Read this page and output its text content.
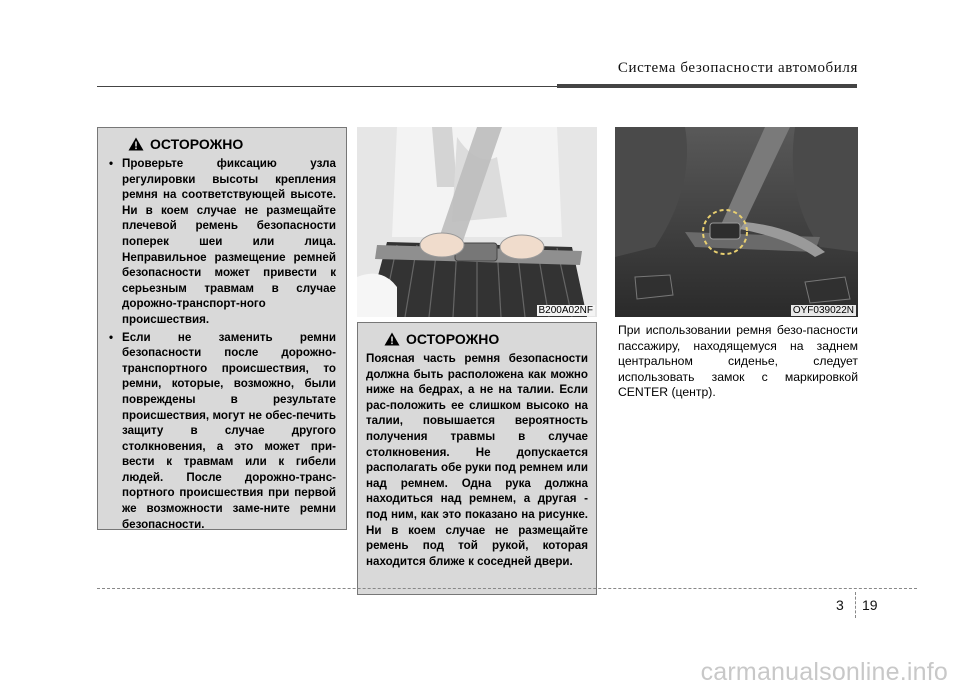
Система безопасности автомобиля
ОСТОРОЖНО
• Проверьте фиксацию узла регулировки высоты крепления ремня на соответствующей высоте. Ни в коем случае не размещайте плечевой ремень безопасности поперек шеи или лица. Неправильное размещение ремней безопасности может привести к серьезным травмам в случае дорожно-транспорт-ного происшествия.
• Если не заменить ремни безопасности после дорожно-транспортного происшествия, то ремни, которые, возможно, были повреждены в результате происшествия, могут не обес-печить защиту в случае другого столкновения, а это может при-вести к травмам или к гибели людей. После дорожно-транс-портного происшествия при первой же возможности заме-ните ремни безопасности.
B200A02NF	OYF039022N
ОСТОРОЖНО

Поясная часть ремня безопасности должна быть расположена как можно ниже на бедрах, а не на талии. Если рас-положить ее слишком высоко на талии, повышается вероятность получения травмы в случае столкновения. Не допускается располагать обе руки под ремнем или над ремнем. Одна рука должна находиться над ремнем, а другая - под ним, как это показано на рисунке. Ни в коем случае не размещайте ремень под той рукой, которая находится ближе к соседней двери.

При использовании ремня безо-пасности пассажиру, находящемуся на заднем центральном сиденье, следует использовать замок с маркировкой CENTER (центр).

3 19
carmanualsonline.info
